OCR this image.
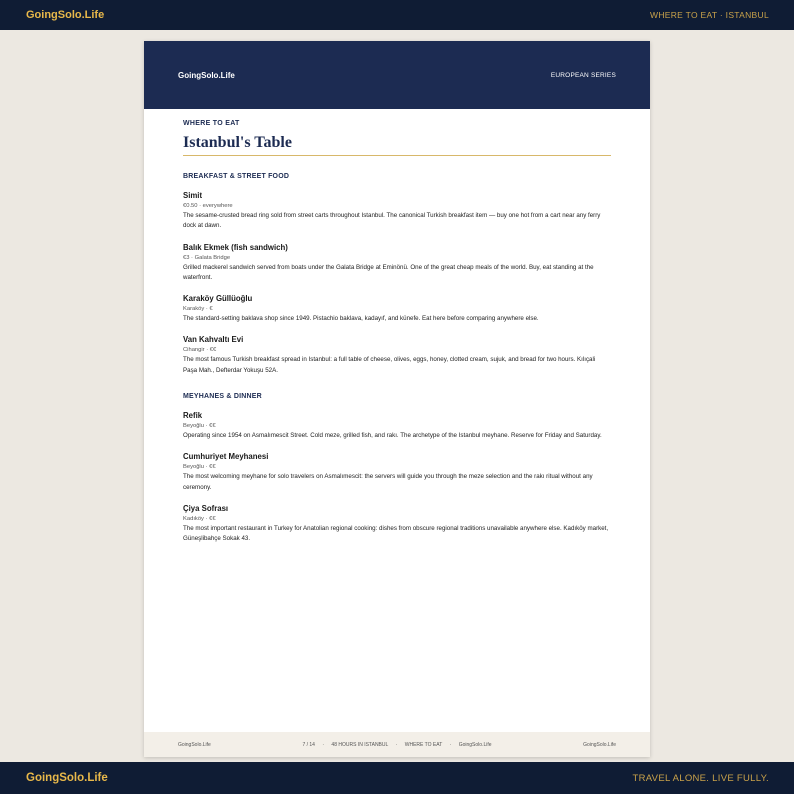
GoingSolo.Life	WHERE TO EAT · ISTANBUL
GoingSolo.Life	EUROPEAN SERIES
WHERE TO EAT
Istanbul's Table
BREAKFAST & STREET FOOD
Simit
€0.50 · everywhere
The sesame-crusted bread ring sold from street carts throughout Istanbul. The canonical Turkish breakfast item — buy one hot from a cart near any ferry dock at dawn.
Balık Ekmek (fish sandwich)
€3 · Galata Bridge
Grilled mackerel sandwich served from boats under the Galata Bridge at Eminönü. One of the great cheap meals of the world. Buy, eat standing at the waterfront.
Karaköy Güllüoğlu
Karaköy · €
The standard-setting baklava shop since 1949. Pistachio baklava, kadayıf, and künefe. Eat here before comparing anywhere else.
Van Kahvaltı Evi
Cihangir · €€
The most famous Turkish breakfast spread in Istanbul: a full table of cheese, olives, eggs, honey, clotted cream, sujuk, and bread for two hours. Kılıçali Paşa Mah., Defterdar Yokuşu 52A.
MEYHANES & DINNER
Refik
Beyoğlu · €€
Operating since 1954 on Asmalımescit Street. Cold meze, grilled fish, and rakı. The archetype of the Istanbul meyhane. Reserve for Friday and Saturday.
Cumhuriyet Meyhanesi
Beyoğlu · €€
The most welcoming meyhane for solo travelers on Asmalımescit: the servers will guide you through the meze selection and the rakı ritual without any ceremony.
Çiya Sofrası
Kadıköy · €€
The most important restaurant in Turkey for Anatolian regional cooking: dishes from obscure regional traditions unavailable anywhere else. Kadıköy market, Güneşlibahçe Sokak 43.
GoingSolo.Life	7 / 14 · 48 HOURS IN ISTANBUL · WHERE TO EAT · GoingSolo.Life	GoingSolo.Life
GoingSolo.Life	TRAVEL ALONE. LIVE FULLY.
